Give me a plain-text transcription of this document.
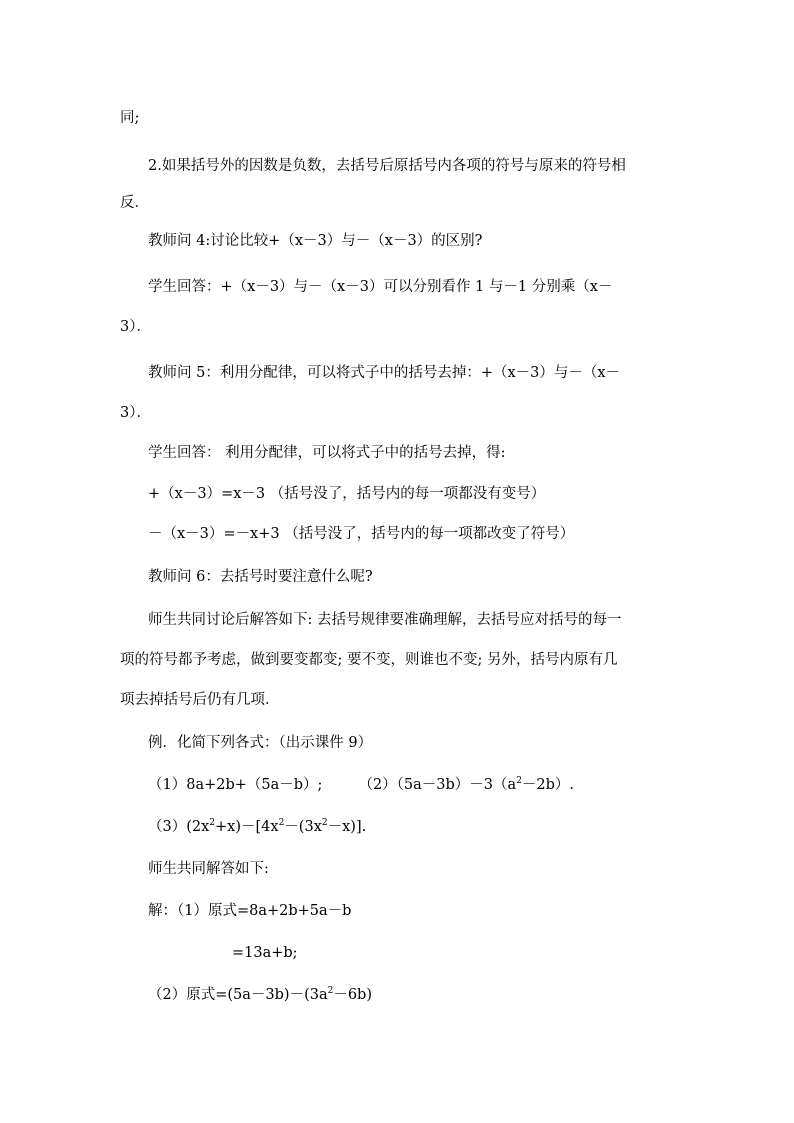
同;
2.如果括号外的因数是负数，去括号后原括号内各项的符号与原来的符号相
反．
教师问 4:讨论比较+（x－3）与－（x－3）的区别?
学生回答：+（x－3）与－（x－3）可以分别看作 1 与－1 分别乘（x－
3）．
教师问 5：利用分配律，可以将式子中的括号去掉：+（x－3）与－（x－
3）．
学生回答： 利用分配律，可以将式子中的括号去掉，得:
+（x－3）=x－3 （括号没了，括号内的每一项都没有变号）
－（x－3）=－x+3 （括号没了，括号内的每一项都改变了符号）
教师问 6：去括号时要注意什么呢?
师生共同讨论后解答如下: 去括号规律要准确理解，去括号应对括号的每一
项的符号都予考虑，做到要变都变; 要不变，则谁也不变; 另外，括号内原有几
项去掉括号后仍有几项．
例．化简下列各式：（出示课件 9）
（1）8a+2b+（5a－b）; $(2)(5a-3b)-3(a^2-2b)$.
$(3)(2x^2+x)-[4x^2-(3x^2-x)]$.
师生共同解答如下:
解：（1）原式=8a+2b+5a－b
=13a+b;
（2）原式$=(5a-3b)-(3a^2-6b)$
